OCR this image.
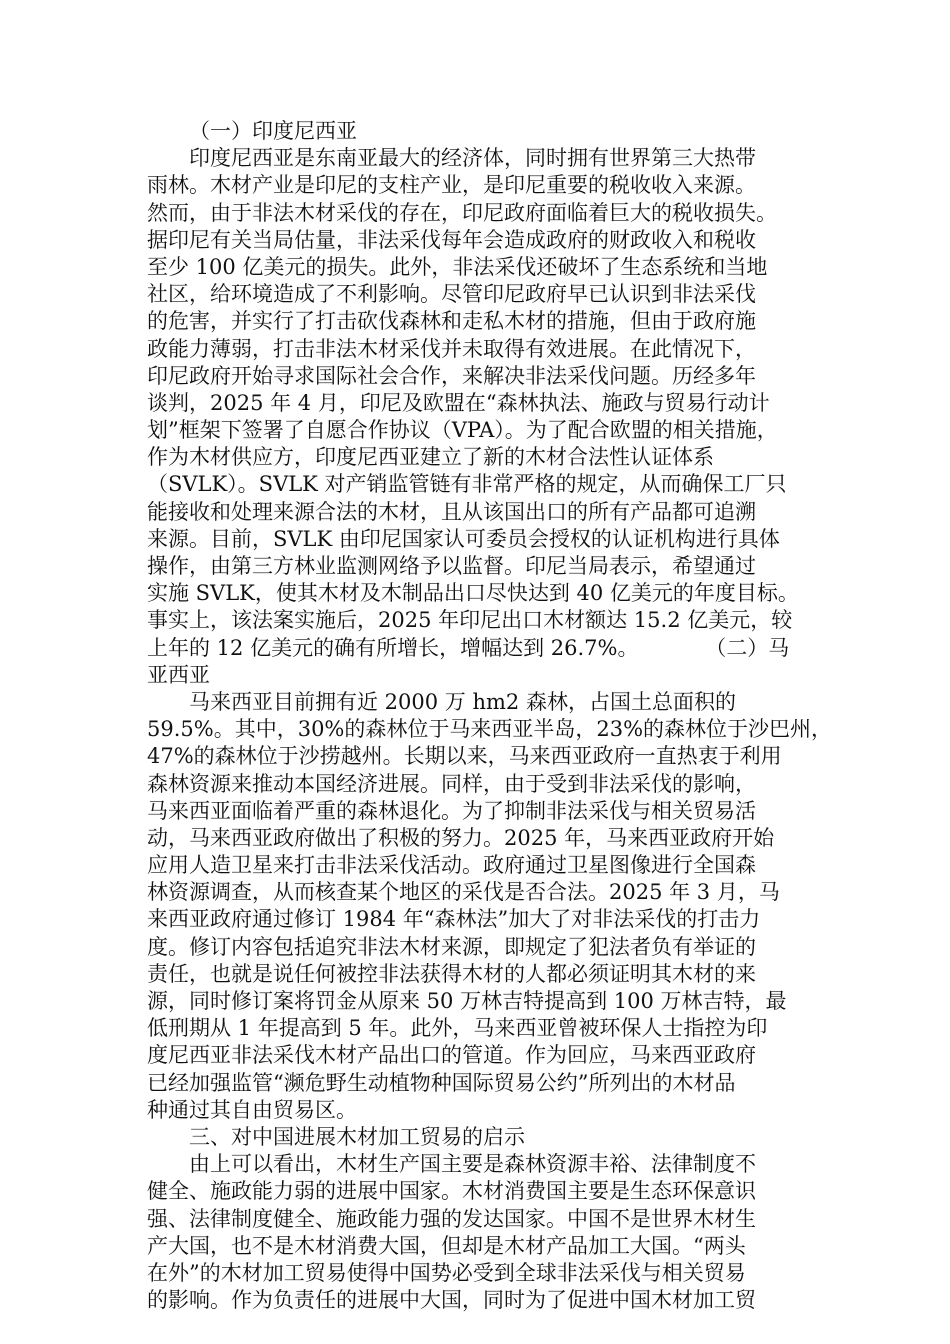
（一）印度尼西亚
印度尼西亚是东南亚最大的经济体，同时拥有世界第三大热带
雨林。木材产业是印尼的支柱产业，是印尼重要的税收收入来源。
然而，由于非法木材采伐的存在，印尼政府面临着巨大的税收损失。
据印尼有关当局估量，非法采伐每年会造成政府的财政收入和税收
至少 100 亿美元的损失。此外，非法采伐还破坏了生态系统和当地
社区，给环境造成了不利影响。尽管印尼政府早已认识到非法采伐
的危害，并实行了打击砍伐森林和走私木材的措施，但由于政府施
政能力薄弱，打击非法木材采伐并未取得有效进展。在此情况下，
印尼政府开始寻求国际社会合作，来解决非法采伐问题。历经多年
谈判，2025 年 4 月，印尼及欧盟在“森林执法、施政与贸易行动计
划”框架下签署了自愿合作协议（VPA）。为了配合欧盟的相关措施，
作为木材供应方，印度尼西亚建立了新的木材合法性认证体系
（SVLK）。SVLK 对产销监管链有非常严格的规定，从而确保工厂只
能接收和处理来源合法的木材，且从该国出口的所有产品都可追溯
来源。目前，SVLK 由印尼国家认可委员会授权的认证机构进行具体
操作，由第三方林业监测网络予以监督。印尼当局表示，希望通过
实施 SVLK，使其木材及木制品出口尽快达到 40 亿美元的年度目标。
事实上，该法案实施后，2025 年印尼出口木材额达 15.2 亿美元，较
上年的 12 亿美元的确有所增长，增幅达到 26.7%。          （二）马
亚西亚
马来西亚目前拥有近 2000 万 hm2 森林，占国土总面积的
59.5%。其中，30%的森林位于马来西亚半岛，23%的森林位于沙巴州，
47%的森林位于沙捞越州。长期以来，马来西亚政府一直热衷于利用
森林资源来推动本国经济进展。同样，由于受到非法采伐的影响，
马来西亚面临着严重的森林退化。为了抑制非法采伐与相关贸易活
动，马来西亚政府做出了积极的努力。2025 年，马来西亚政府开始
应用人造卫星来打击非法采伐活动。政府通过卫星图像进行全国森
林资源调查，从而核查某个地区的采伐是否合法。2025 年 3 月，马
来西亚政府通过修订 1984 年“森林法”加大了对非法采伐的打击力
度。修订内容包括追究非法木材来源，即规定了犯法者负有举证的
责任，也就是说任何被控非法获得木材的人都必须证明其木材的来
源，同时修订案将罚金从原来 50 万林吉特提高到 100 万林吉特，最
低刑期从 1 年提高到 5 年。此外，马来西亚曾被环保人士指控为印
度尼西亚非法采伐木材产品出口的管道。作为回应，马来西亚政府
已经加强监管“濒危野生动植物种国际贸易公约”所列出的木材品
种通过其自由贸易区。
三、对中国进展木材加工贸易的启示
由上可以看出，木材生产国主要是森林资源丰裕、法律制度不
健全、施政能力弱的进展中国家。木材消费国主要是生态环保意识
强、法律制度健全、施政能力强的发达国家。中国不是世界木材生
产大国，也不是木材消费大国，但却是木材产品加工大国。“两头
在外”的木材加工贸易使得中国势必受到全球非法采伐与相关贸易
的影响。作为负责任的进展中大国，同时为了促进中国木材加工贸
